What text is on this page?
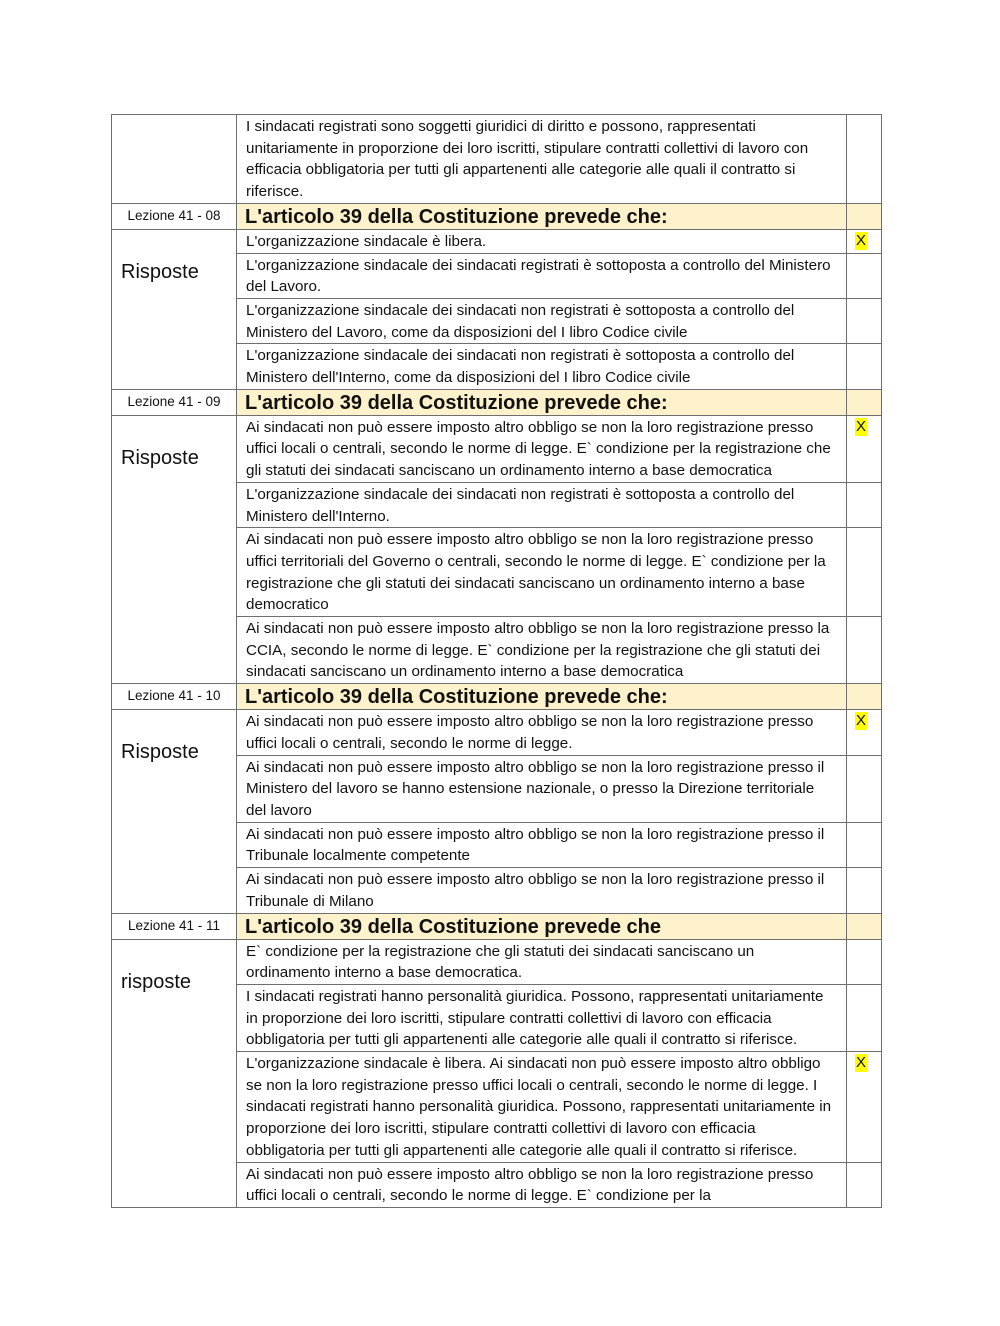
	I sindacati registrati sono soggetti giuridici di diritto e possono, rappresentati unitariamente in proporzione dei loro iscritti, stipulare contratti collettivi di lavoro con efficacia obbligatoria per tutti gli appartenenti alle categorie alle quali il contratto si riferisce.	
Lezione 41 - 08	L'articolo 39 della Costituzione prevede che:	
Risposte	L'organizzazione sindacale è libera.	X
	L'organizzazione sindacale dei sindacati registrati è sottoposta a controllo del Ministero del Lavoro.	
	L'organizzazione sindacale dei sindacati non registrati è sottoposta a controllo del Ministero del Lavoro, come da disposizioni del I libro Codice civile	
	L'organizzazione sindacale dei sindacati non registrati è sottoposta a controllo del Ministero dell'Interno, come da disposizioni del I libro Codice civile	
Lezione 41 - 09	L'articolo 39 della Costituzione prevede che:	
Risposte	Ai sindacati non può essere imposto altro obbligo se non la loro registrazione presso uffici locali o centrali, secondo le norme di legge. E` condizione per la registrazione che gli statuti dei sindacati sanciscano un ordinamento interno a base democratica	X
	L'organizzazione sindacale dei sindacati non registrati è sottoposta a controllo del Ministero dell'Interno.	
	Ai sindacati non può essere imposto altro obbligo se non la loro registrazione presso uffici territoriali del Governo o centrali, secondo le norme di legge. E` condizione per la registrazione che gli statuti dei sindacati sanciscano un ordinamento interno a base democratico	
	Ai sindacati non può essere imposto altro obbligo se non la loro registrazione presso la CCIA, secondo le norme di legge. E` condizione per la registrazione che gli statuti dei sindacati sanciscano un ordinamento interno a base democratica	
Lezione 41 - 10	L'articolo 39 della Costituzione prevede che:	
Risposte	Ai sindacati non può essere imposto altro obbligo se non la loro registrazione presso uffici locali o centrali, secondo le norme di legge.	X
	Ai sindacati non può essere imposto altro obbligo se non la loro registrazione presso il Ministero del lavoro se hanno estensione nazionale, o presso la Direzione territoriale del lavoro	
	Ai sindacati non può essere imposto altro obbligo se non la loro registrazione presso il Tribunale localmente competente	
	Ai sindacati non può essere imposto altro obbligo se non la loro registrazione presso il Tribunale di Milano	
Lezione 41 - 11	L'articolo 39 della Costituzione prevede che	
risposte	E` condizione per la registrazione che gli statuti dei sindacati sanciscano un ordinamento interno a base democratica.	
	I sindacati registrati hanno personalità giuridica. Possono, rappresentati unitariamente in proporzione dei loro iscritti, stipulare contratti collettivi di lavoro con efficacia obbligatoria per tutti gli appartenenti alle categorie alle quali il contratto si riferisce.	
	L'organizzazione sindacale è libera. Ai sindacati non può essere imposto altro obbligo se non la loro registrazione presso uffici locali o centrali, secondo le norme di legge. I sindacati registrati hanno personalità giuridica. Possono, rappresentati unitariamente in proporzione dei loro iscritti, stipulare contratti collettivi di lavoro con efficacia obbligatoria per tutti gli appartenenti alle categorie alle quali il contratto si riferisce.	X
	Ai sindacati non può essere imposto altro obbligo se non la loro registrazione presso uffici locali o centrali, secondo le norme di legge. E` condizione per la	
